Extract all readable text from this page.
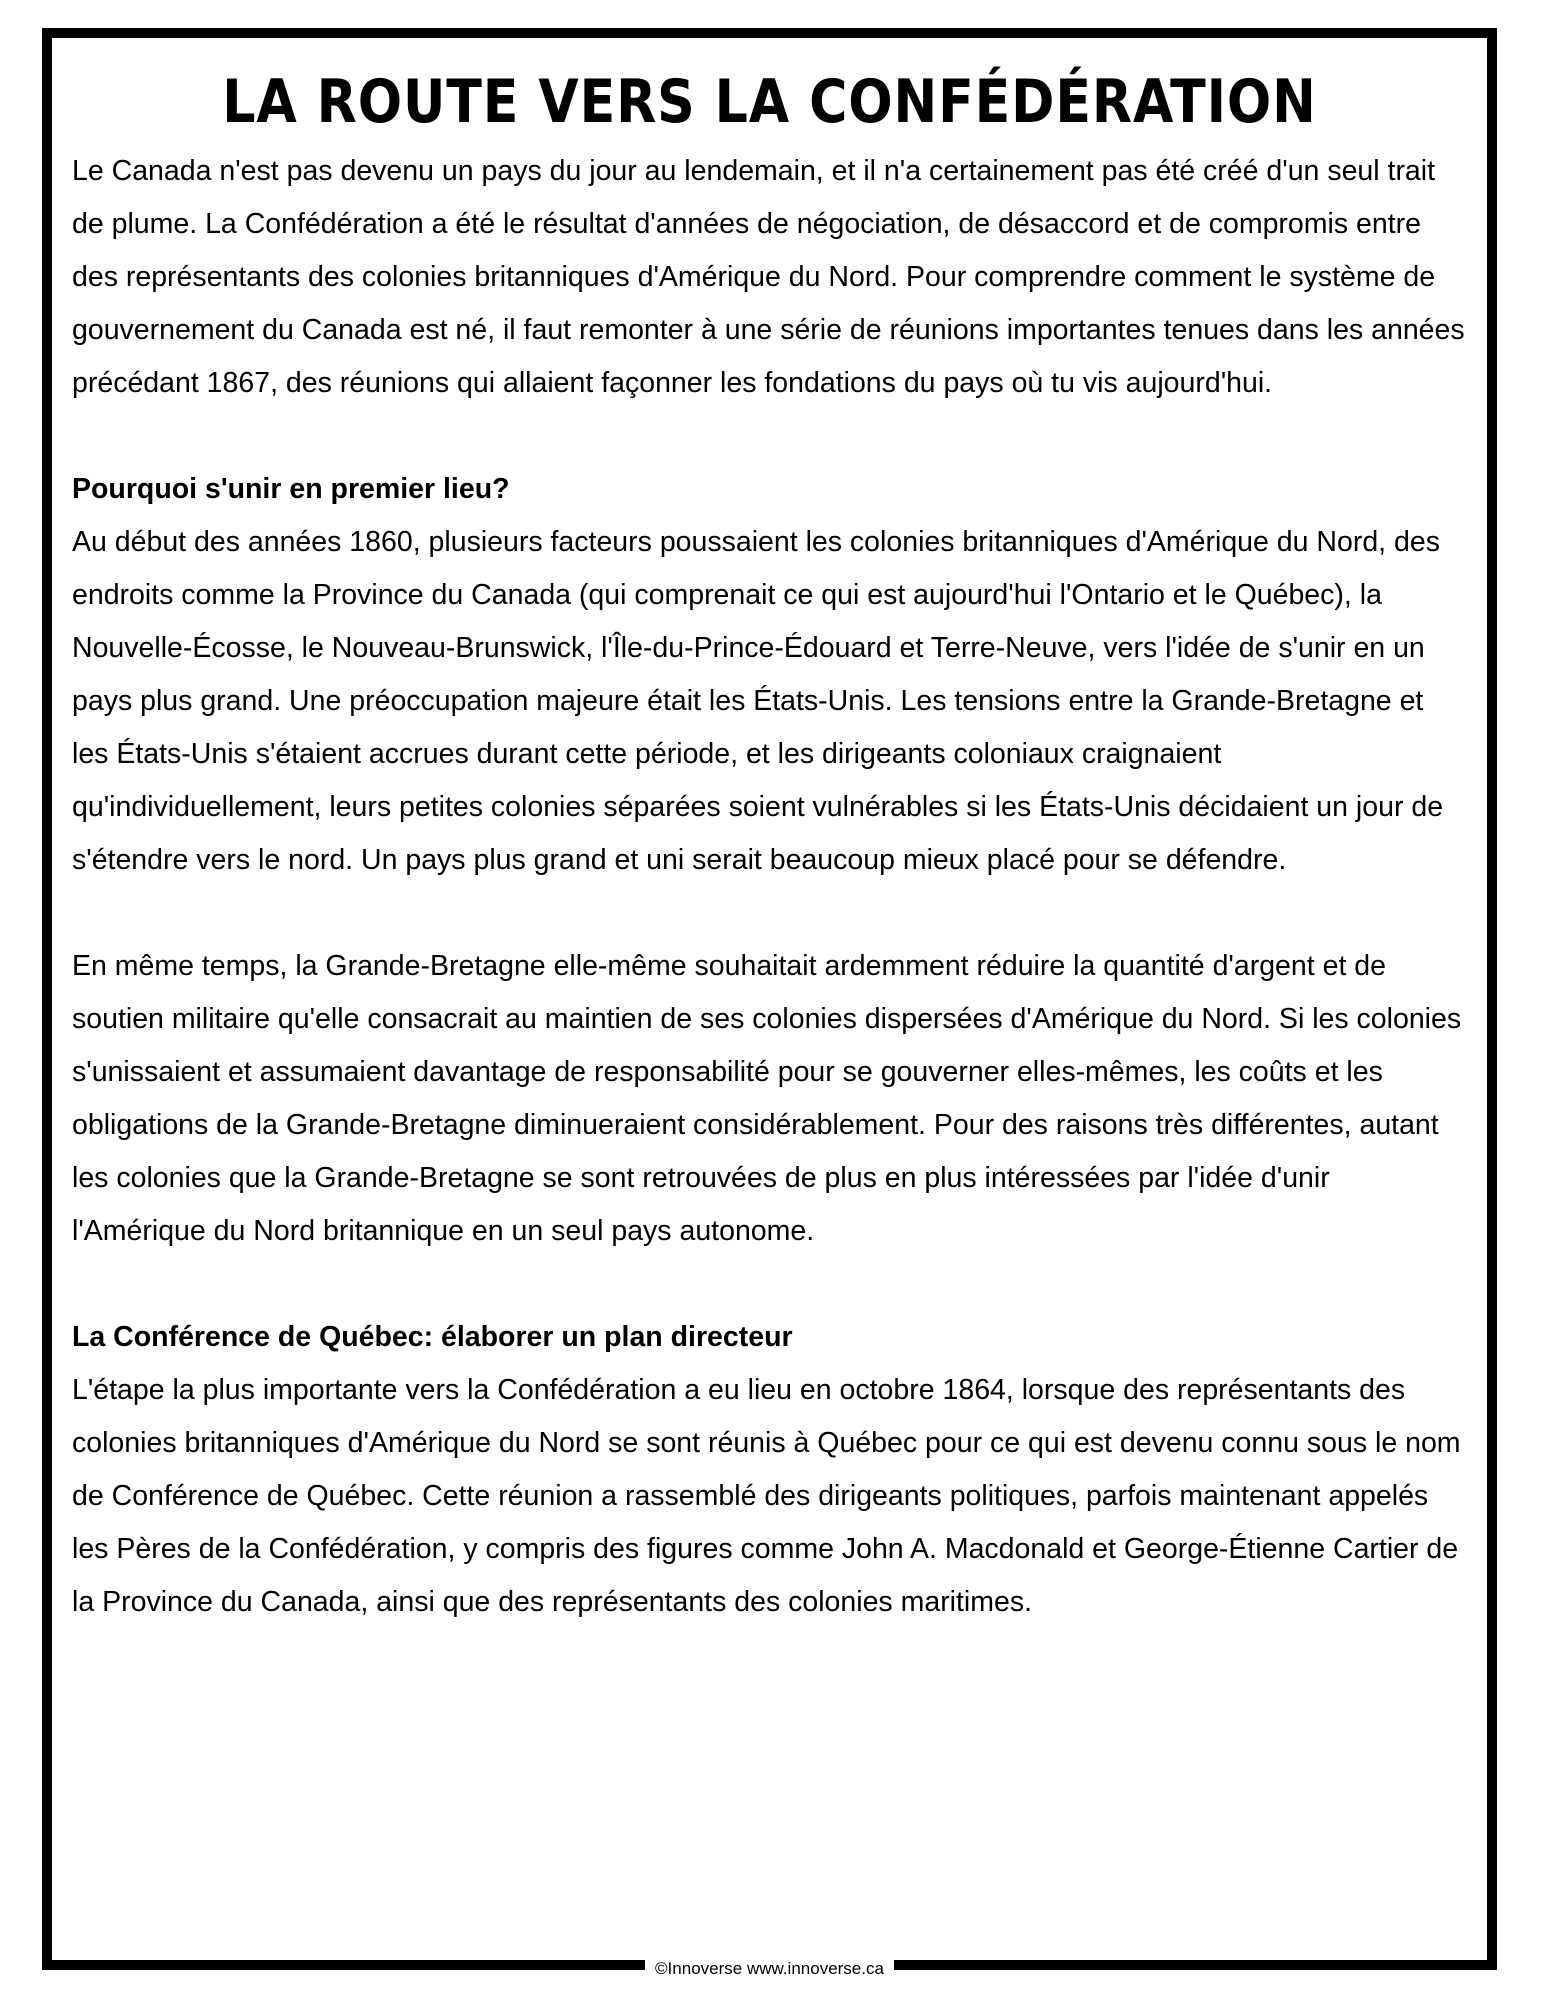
LA ROUTE VERS LA CONFÉDÉRATION

Le Canada n'est pas devenu un pays du jour au lendemain, et il n'a certainement pas été créé d'un seul trait de plume. La Confédération a été le résultat d'années de négociation, de désaccord et de compromis entre des représentants des colonies britanniques d'Amérique du Nord. Pour comprendre comment le système de gouvernement du Canada est né, il faut remonter à une série de réunions importantes tenues dans les années précédant 1867, des réunions qui allaient façonner les fondations du pays où tu vis aujourd'hui.

Pourquoi s'unir en premier lieu?

Au début des années 1860, plusieurs facteurs poussaient les colonies britanniques d'Amérique du Nord, des endroits comme la Province du Canada (qui comprenait ce qui est aujourd'hui l'Ontario et le Québec), la Nouvelle-Écosse, le Nouveau-Brunswick, l'Île-du-Prince-Édouard et Terre-Neuve, vers l'idée de s'unir en un pays plus grand. Une préoccupation majeure était les États-Unis. Les tensions entre la Grande-Bretagne et les États-Unis s'étaient accrues durant cette période, et les dirigeants coloniaux craignaient qu'individuellement, leurs petites colonies séparées soient vulnérables si les États-Unis décidaient un jour de s'étendre vers le nord. Un pays plus grand et uni serait beaucoup mieux placé pour se défendre.

En même temps, la Grande-Bretagne elle-même souhaitait ardemment réduire la quantité d'argent et de soutien militaire qu'elle consacrait au maintien de ses colonies dispersées d'Amérique du Nord. Si les colonies s'unissaient et assumaient davantage de responsabilité pour se gouverner elles-mêmes, les coûts et les obligations de la Grande-Bretagne diminueraient considérablement. Pour des raisons très différentes, autant les colonies que la Grande-Bretagne se sont retrouvées de plus en plus intéressées par l'idée d'unir l'Amérique du Nord britannique en un seul pays autonome.

La Conférence de Québec: élaborer un plan directeur

L'étape la plus importante vers la Confédération a eu lieu en octobre 1864, lorsque des représentants des colonies britanniques d'Amérique du Nord se sont réunis à Québec pour ce qui est devenu connu sous le nom de Conférence de Québec. Cette réunion a rassemblé des dirigeants politiques, parfois maintenant appelés les Pères de la Confédération, y compris des figures comme John A. Macdonald et George-Étienne Cartier de la Province du Canada, ainsi que des représentants des colonies maritimes.

©Innoverse www.innoverse.ca
